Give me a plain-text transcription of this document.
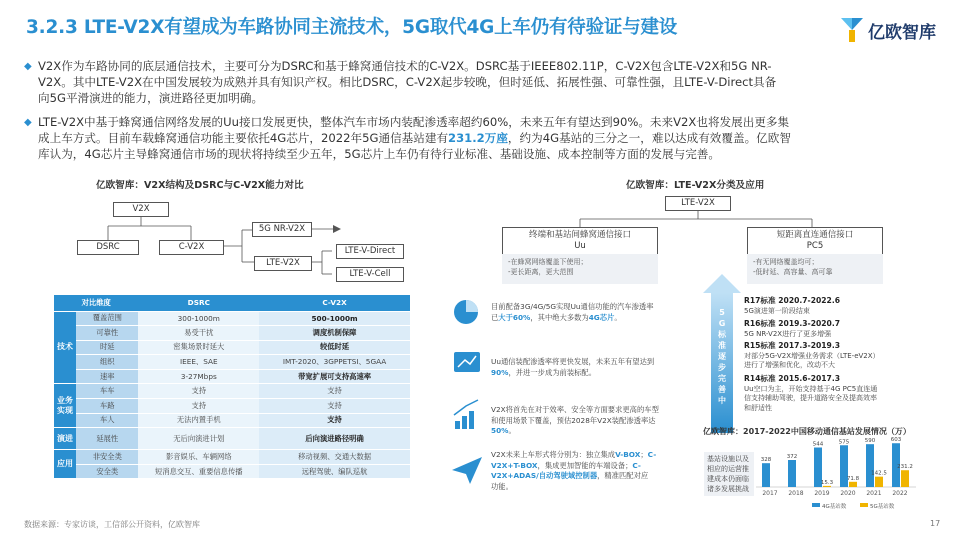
3.2.3 LTE-V2X有望成为车路协同主流技术，5G取代4G上车仍有待验证与建设	亿欧智库
◆ V2X作为车路协同的底层通信技术，主要可分为DSRC和基于蜂窝通信技术的C-V2X。DSRC基于IEEE802.11P，C-V2X包含LTE-V2X和5G NR-
V2X。其中LTE-V2X在中国发展较为成熟并具有知识产权。相比DSRC，C-V2X起步较晚，但时延低、拓展性强、可靠性强，且LTE-V-Direct具备
向5G平滑演进的能力，演进路径更加明确。
◆ LTE-V2X中基于蜂窝通信网络发展的Uu接口发展更快，整体汽车市场内装配渗透率超约60%，未来五年有望达到90%。未来V2X也将发展出更多集
成上车方式。目前车载蜂窝通信功能主要依托4G芯片，2022年5G通信基站建有231.2万座，约为4G基站的三分之一，难以达成有效覆盖。亿欧智
库认为，4G芯片主导蜂窝通信市场的现状将持续至少五年，5G芯片上车仍有待行业标准、基础设施、成本控制等方面的发展与完善。
亿欧智库：V2X结构及DSRC与C-V2X能力对比	亿欧智库：LTE-V2X分类及应用
V2X
DSRC	C-V2X
5G NR-V2X
LTE-V2X
LTE-V-Direct
LTE-V-Cell
对比维度		DSRC	C-V2X
技术	覆盖范围	300-1000m	500-1000m
	可靠性	易受干扰	调度机制保障
	时延	密集场景时延大	较低时延
	组织	IEEE、SAE	IMT-2020、3GPPETSI、5GAA
	速率	3-27Mbps	带宽扩展可支持高速率
业务实现	车车	支持	支持
	车路	支持	支持
	车人	无法内置手机	支持
演进	延展性	无后向演进计划	后向演进路径明确
应用	非安全类	影音娱乐、车辆网络	移动视频、交通大数据
	安全类	短消息交互、重要信息传播	远程驾驶、编队巡航
LTE-V2X
终端和基站间蜂窝通信接口
Uu
短距离直连通信接口
PC5
-在蜂窝网络覆盖下使用；
-更长距离，更大范围
-有无网络覆盖均可；
-低时延、高容量、高可靠
目前配备3G/4G/5G实现Uu通信功能的汽车渗透率
已大于60%，其中绝大多数为4G芯片。
Uu通信装配渗透率将更快发展，未来五年有望达到
90%，并进一步成为前装标配。
V2X将首先在对于效率、安全等方面要求更高的车型
和使用场景下覆盖，预估2028年V2X装配渗透率达
50%。
V2X未来上车形式将分别为：独立集成V-BOX；C-
V2X+T-BOX，集成更加智能的车端设备；C-
V2X+ADAS/自动驾驶域控制器，精准匹配对应
功能。
5G标准逐步完善中
R17标准 2020.7-2022.6
5G演进第一阶段结束
R16标准 2019.3-2020.7
5G NR-V2X进行了更多增强
R15标准 2017.3-2019.3
对部分5G-V2X增强业务需求（LTE-eV2X）
进行了增强和优化，改动不大
R14标准 2015.6-2017.3
Uu空口为主，开始支持基于4G PC5直连通
信支持辅助驾驶，提升道路安全及提高效率
和舒适性
亿欧智库：2017-2022中国移动通信基站发展情况（万）
基站设施以及
相应的运营推
建成本仍面临
诸多发展挑战
328
2017
372
2018
544
15.3
2019
575
71.8
2020
590
142.5
2021
603
231.2
2022
4G基站数	5G基站数
数据来源：专家访谈，工信部公开资料，亿欧智库	17
